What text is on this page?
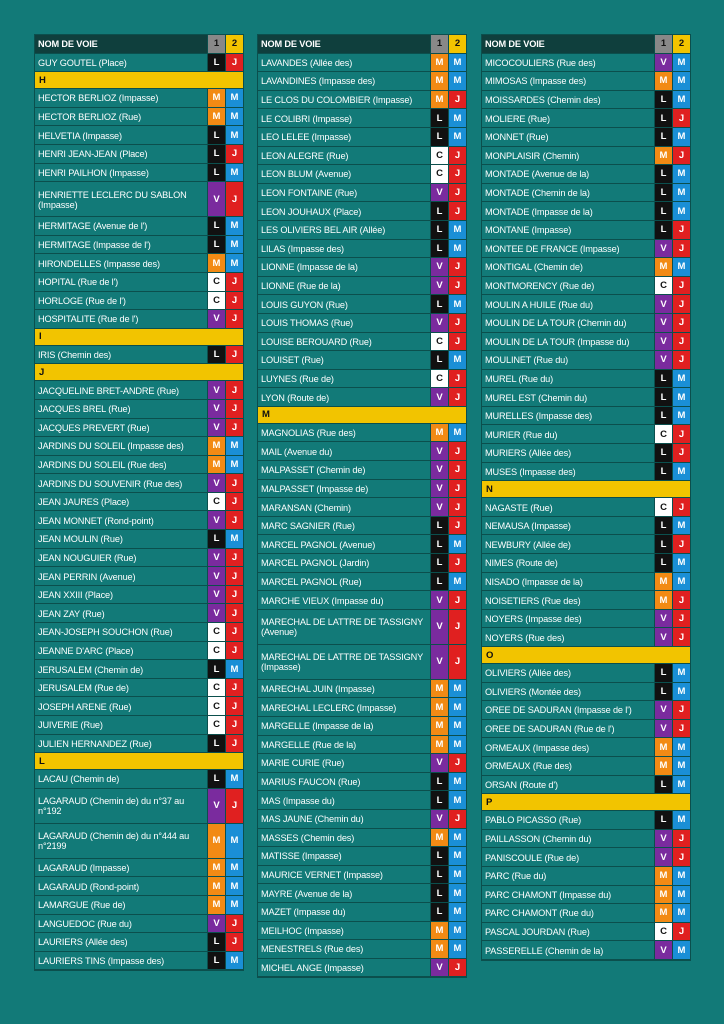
NOM DE VOIE	1	2
GUY GOUTEL (Place)	L	J
H
HECTOR BERLIOZ (Impasse)	M	M
HECTOR BERLIOZ (Rue)	M	M
HELVETIA (Impasse)	L	M
HENRI JEAN-JEAN (Place)	L	J
HENRI PAILHON (Impasse)	L	M
HENRIETTE LECLERC DU SABLON (Impasse)	V	J
HERMITAGE (Avenue de l')	L	M
HERMITAGE (Impasse de l')	L	M
HIRONDELLES (Impasse des)	M	M
HOPITAL (Rue de l')	C	J
HORLOGE (Rue de l')	C	J
HOSPITALITE (Rue de l')	V	J
I
IRIS (Chemin des)	L	J
J
JACQUELINE BRET-ANDRE (Rue)	V	J
JACQUES BREL (Rue)	V	J
JACQUES PREVERT (Rue)	V	J
JARDINS DU SOLEIL (Impasse des)	M	M
JARDINS DU SOLEIL (Rue des)	M	M
JARDINS DU SOUVENIR (Rue des)	V	J
JEAN JAURES (Place)	C	J
JEAN MONNET (Rond-point)	V	J
JEAN MOULIN (Rue)	L	M
JEAN NOUGUIER (Rue)	V	J
JEAN PERRIN (Avenue)	V	J
JEAN XXIII (Place)	V	J
JEAN ZAY (Rue)	V	J
JEAN-JOSEPH SOUCHON (Rue)	C	J
JEANNE D'ARC (Place)	C	J
JERUSALEM (Chemin de)	L	M
JERUSALEM (Rue de)	C	J
JOSEPH ARENE (Rue)	C	J
JUIVERIE (Rue)	C	J
JULIEN HERNANDEZ (Rue)	L	J
L
LACAU (Chemin de)	L	M
LAGARAUD (Chemin de) du n°37 au n°192	V	J
LAGARAUD (Chemin de) du n°444 au n°2199	M	M
LAGARAUD (Impasse)	M	M
LAGARAUD (Rond-point)	M	M
LAMARGUE (Rue de)	M	M
LANGUEDOC (Rue du)	V	J
LAURIERS (Allée des)	L	J
LAURIERS TINS (Impasse des)	L	M
NOM DE VOIE	1	2
LAVANDES (Allée des)	M	M
LAVANDINES (Impasse des)	M	M
LE CLOS DU COLOMBIER (Impasse)	M	J
LE COLIBRI (Impasse)	L	M
LEO LELEE (Impasse)	L	M
LEON ALEGRE (Rue)	C	J
LEON BLUM (Avenue)	C	J
LEON FONTAINE (Rue)	V	J
LEON JOUHAUX (Place)	L	J
LES OLIVIERS BEL AIR (Allée)	L	M
LILAS (Impasse des)	L	M
LIONNE (Impasse de la)	V	J
LIONNE (Rue de la)	V	J
LOUIS GUYON (Rue)	L	M
LOUIS THOMAS (Rue)	V	J
LOUISE BEROUARD (Rue)	C	J
LOUISET (Rue)	L	M
LUYNES (Rue de)	C	J
LYON (Route de)	V	J
M
MAGNOLIAS (Rue des)	M	M
MAIL (Avenue du)	V	J
MALPASSET (Chemin de)	V	J
MALPASSET (Impasse de)	V	J
MARANSAN (Chemin)	V	J
MARC SAGNIER (Rue)	L	J
MARCEL PAGNOL (Avenue)	L	M
MARCEL PAGNOL (Jardin)	L	J
MARCEL PAGNOL (Rue)	L	M
MARCHE VIEUX (Impasse du)	V	J
MARECHAL DE LATTRE DE TASSIGNY (Avenue)	V	J
MARECHAL DE LATTRE DE TASSIGNY (Impasse)	V	J
MARECHAL JUIN (Impasse)	M	M
MARECHAL LECLERC (Impasse)	M	M
MARGELLE (Impasse de la)	M	M
MARGELLE (Rue de la)	M	M
MARIE CURIE (Rue)	V	J
MARIUS FAUCON (Rue)	L	M
MAS (Impasse du)	L	M
MAS JAUNE (Chemin du)	V	J
MASSES (Chemin des)	M	M
MATISSE (Impasse)	L	M
MAURICE VERNET (Impasse)	L	M
MAYRE (Avenue de la)	L	M
MAZET (Impasse du)	L	M
MEILHOC (Impasse)	M	M
MENESTRELS (Rue des)	M	M
MICHEL ANGE (Impasse)	V	J
NOM DE VOIE	1	2
MICOCOULIERS (Rue des)	V	M
MIMOSAS (Impasse des)	M	M
MOISSARDES (Chemin des)	L	M
MOLIERE (Rue)	L	J
MONNET (Rue)	L	M
MONPLAISIR (Chemin)	M	J
MONTADE (Avenue de la)	L	M
MONTADE (Chemin de la)	L	M
MONTADE (Impasse de la)	L	M
MONTANE (Impasse)	L	J
MONTEE DE FRANCE (Impasse)	V	J
MONTIGAL (Chemin de)	M	M
MONTMORENCY (Rue de)	C	J
MOULIN A HUILE (Rue du)	V	J
MOULIN DE LA TOUR (Chemin du)	V	J
MOULIN DE LA TOUR (Impasse du)	V	J
MOULINET (Rue du)	V	J
MUREL (Rue du)	L	M
MUREL EST (Chemin du)	L	M
MURELLES (Impasse des)	L	M
MURIER (Rue du)	C	J
MURIERS (Allée des)	L	J
MUSES (Impasse des)	L	M
N
NAGASTE (Rue)	C	J
NEMAUSA (Impasse)	L	M
NEWBURY (Allée de)	L	J
NIMES (Route de)	L	M
NISADO (Impasse de la)	M	M
NOISETIERS (Rue des)	M	J
NOYERS (Impasse des)	V	J
NOYERS (Rue des)	V	J
O
OLIVIERS (Allée des)	L	M
OLIVIERS (Montée des)	L	M
OREE DE SADURAN (Impasse de l')	V	J
OREE DE SADURAN (Rue de l')	V	J
ORMEAUX (Impasse des)	M	M
ORMEAUX (Rue des)	M	M
ORSAN (Route d')	L	M
P
PABLO PICASSO (Rue)	L	M
PAILLASSON (Chemin du)	V	J
PANISCOULE (Rue de)	V	J
PARC (Rue du)	M	M
PARC CHAMONT (Impasse du)	M	M
PARC CHAMONT (Rue du)	M	M
PASCAL JOURDAN (Rue)	C	J
PASSERELLE (Chemin de la)	V	M
